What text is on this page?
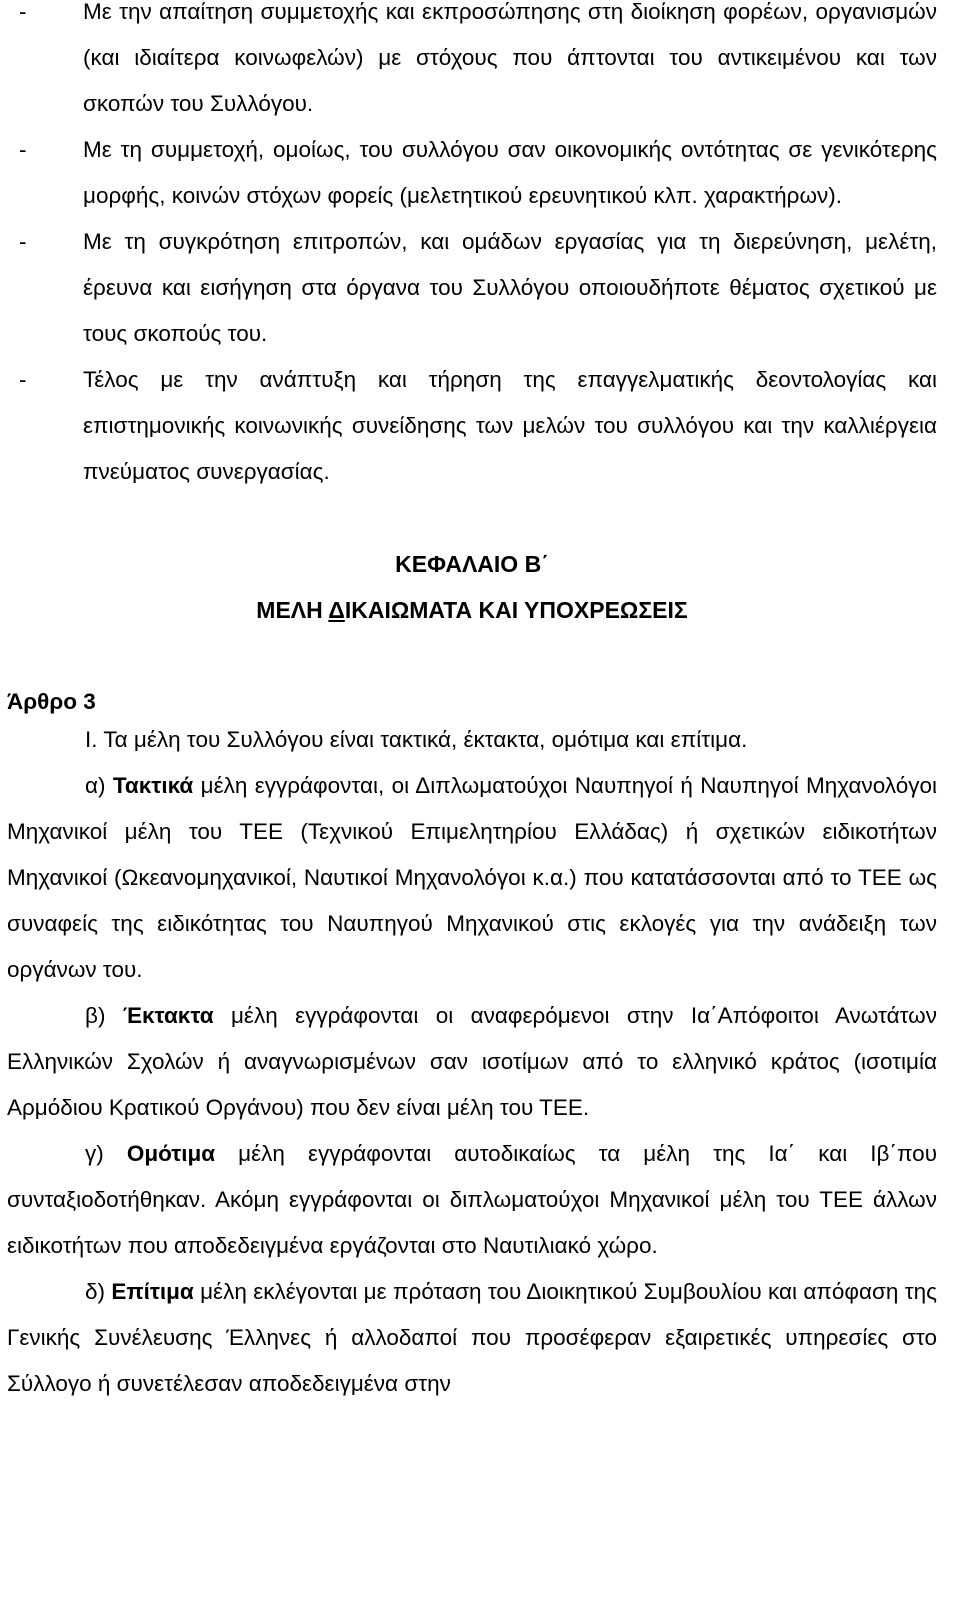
-	Με την απαίτηση συμμετοχής και εκπροσώπησης στη διοίκηση φορέων, οργανισμών (και ιδιαίτερα κοινωφελών) με στόχους που άπτονται του αντικειμένου και των σκοπών του Συλλόγου.

-	Με τη συμμετοχή, ομοίως, του συλλόγου σαν οικονομικής οντότητας σε γενικότερης μορφής, κοινών στόχων φορείς (μελετητικού ερευνητικού κλπ. χαρακτήρων).

-	Με τη συγκρότηση επιτροπών, και ομάδων εργασίας για τη διερεύνηση, μελέτη, έρευνα και εισήγηση στα όργανα του Συλλόγου οποιουδήποτε θέματος σχετικού με τους σκοπούς του.

-	Τέλος με την ανάπτυξη και τήρηση της επαγγελματικής δεοντολογίας και επιστημονικής κοινωνικής συνείδησης των μελών του συλλόγου και την καλλιέργεια πνεύματος συνεργασίας.

ΚΕΦΑΛΑΙΟ Β΄

ΜΕΛΗ ΔΙΚΑΙΩΜΑΤΑ ΚΑΙ ΥΠΟΧΡΕΩΣΕΙΣ

Άρθρο 3

Ι. Τα μέλη του Συλλόγου είναι τακτικά, έκτακτα, ομότιμα και επίτιμα.

α) Τακτικά μέλη εγγράφονται, οι Διπλωματούχοι Ναυπηγοί ή Ναυπηγοί Μηχανολόγοι Μηχανικοί μέλη του ΤΕΕ (Τεχνικού Επιμελητηρίου Ελλάδας) ή σχετικών ειδικοτήτων Μηχανικοί (Ωκεανομηχανικοί, Ναυτικοί Μηχανολόγοι κ.α.) που κατατάσσονται από το ΤΕΕ ως συναφείς της ειδικότητας του Ναυπηγού Μηχανικού στις εκλογές για την ανάδειξη των οργάνων του.

β) Έκτακτα μέλη εγγράφονται οι αναφερόμενοι στην Ια΄Απόφοιτοι Ανωτάτων Ελληνικών Σχολών ή αναγνωρισμένων σαν ισοτίμων από το ελληνικό κράτος (ισοτιμία Αρμόδιου Κρατικού Οργάνου) που δεν είναι μέλη του ΤΕΕ.

γ) Ομότιμα μέλη εγγράφονται αυτοδικαίως τα μέλη της Ια΄ και Ιβ΄που συνταξιοδοτήθηκαν. Ακόμη εγγράφονται οι διπλωματούχοι Μηχανικοί μέλη του ΤΕΕ άλλων ειδικοτήτων που αποδεδειγμένα εργάζονται στο Ναυτιλιακό χώρο.

δ) Επίτιμα μέλη εκλέγονται με πρόταση του Διοικητικού Συμβουλίου και απόφαση της Γενικής Συνέλευσης Έλληνες ή αλλοδαποί που προσέφεραν εξαιρετικές υπηρεσίες στο Σύλλογο ή συνετέλεσαν αποδεδειγμένα στην
